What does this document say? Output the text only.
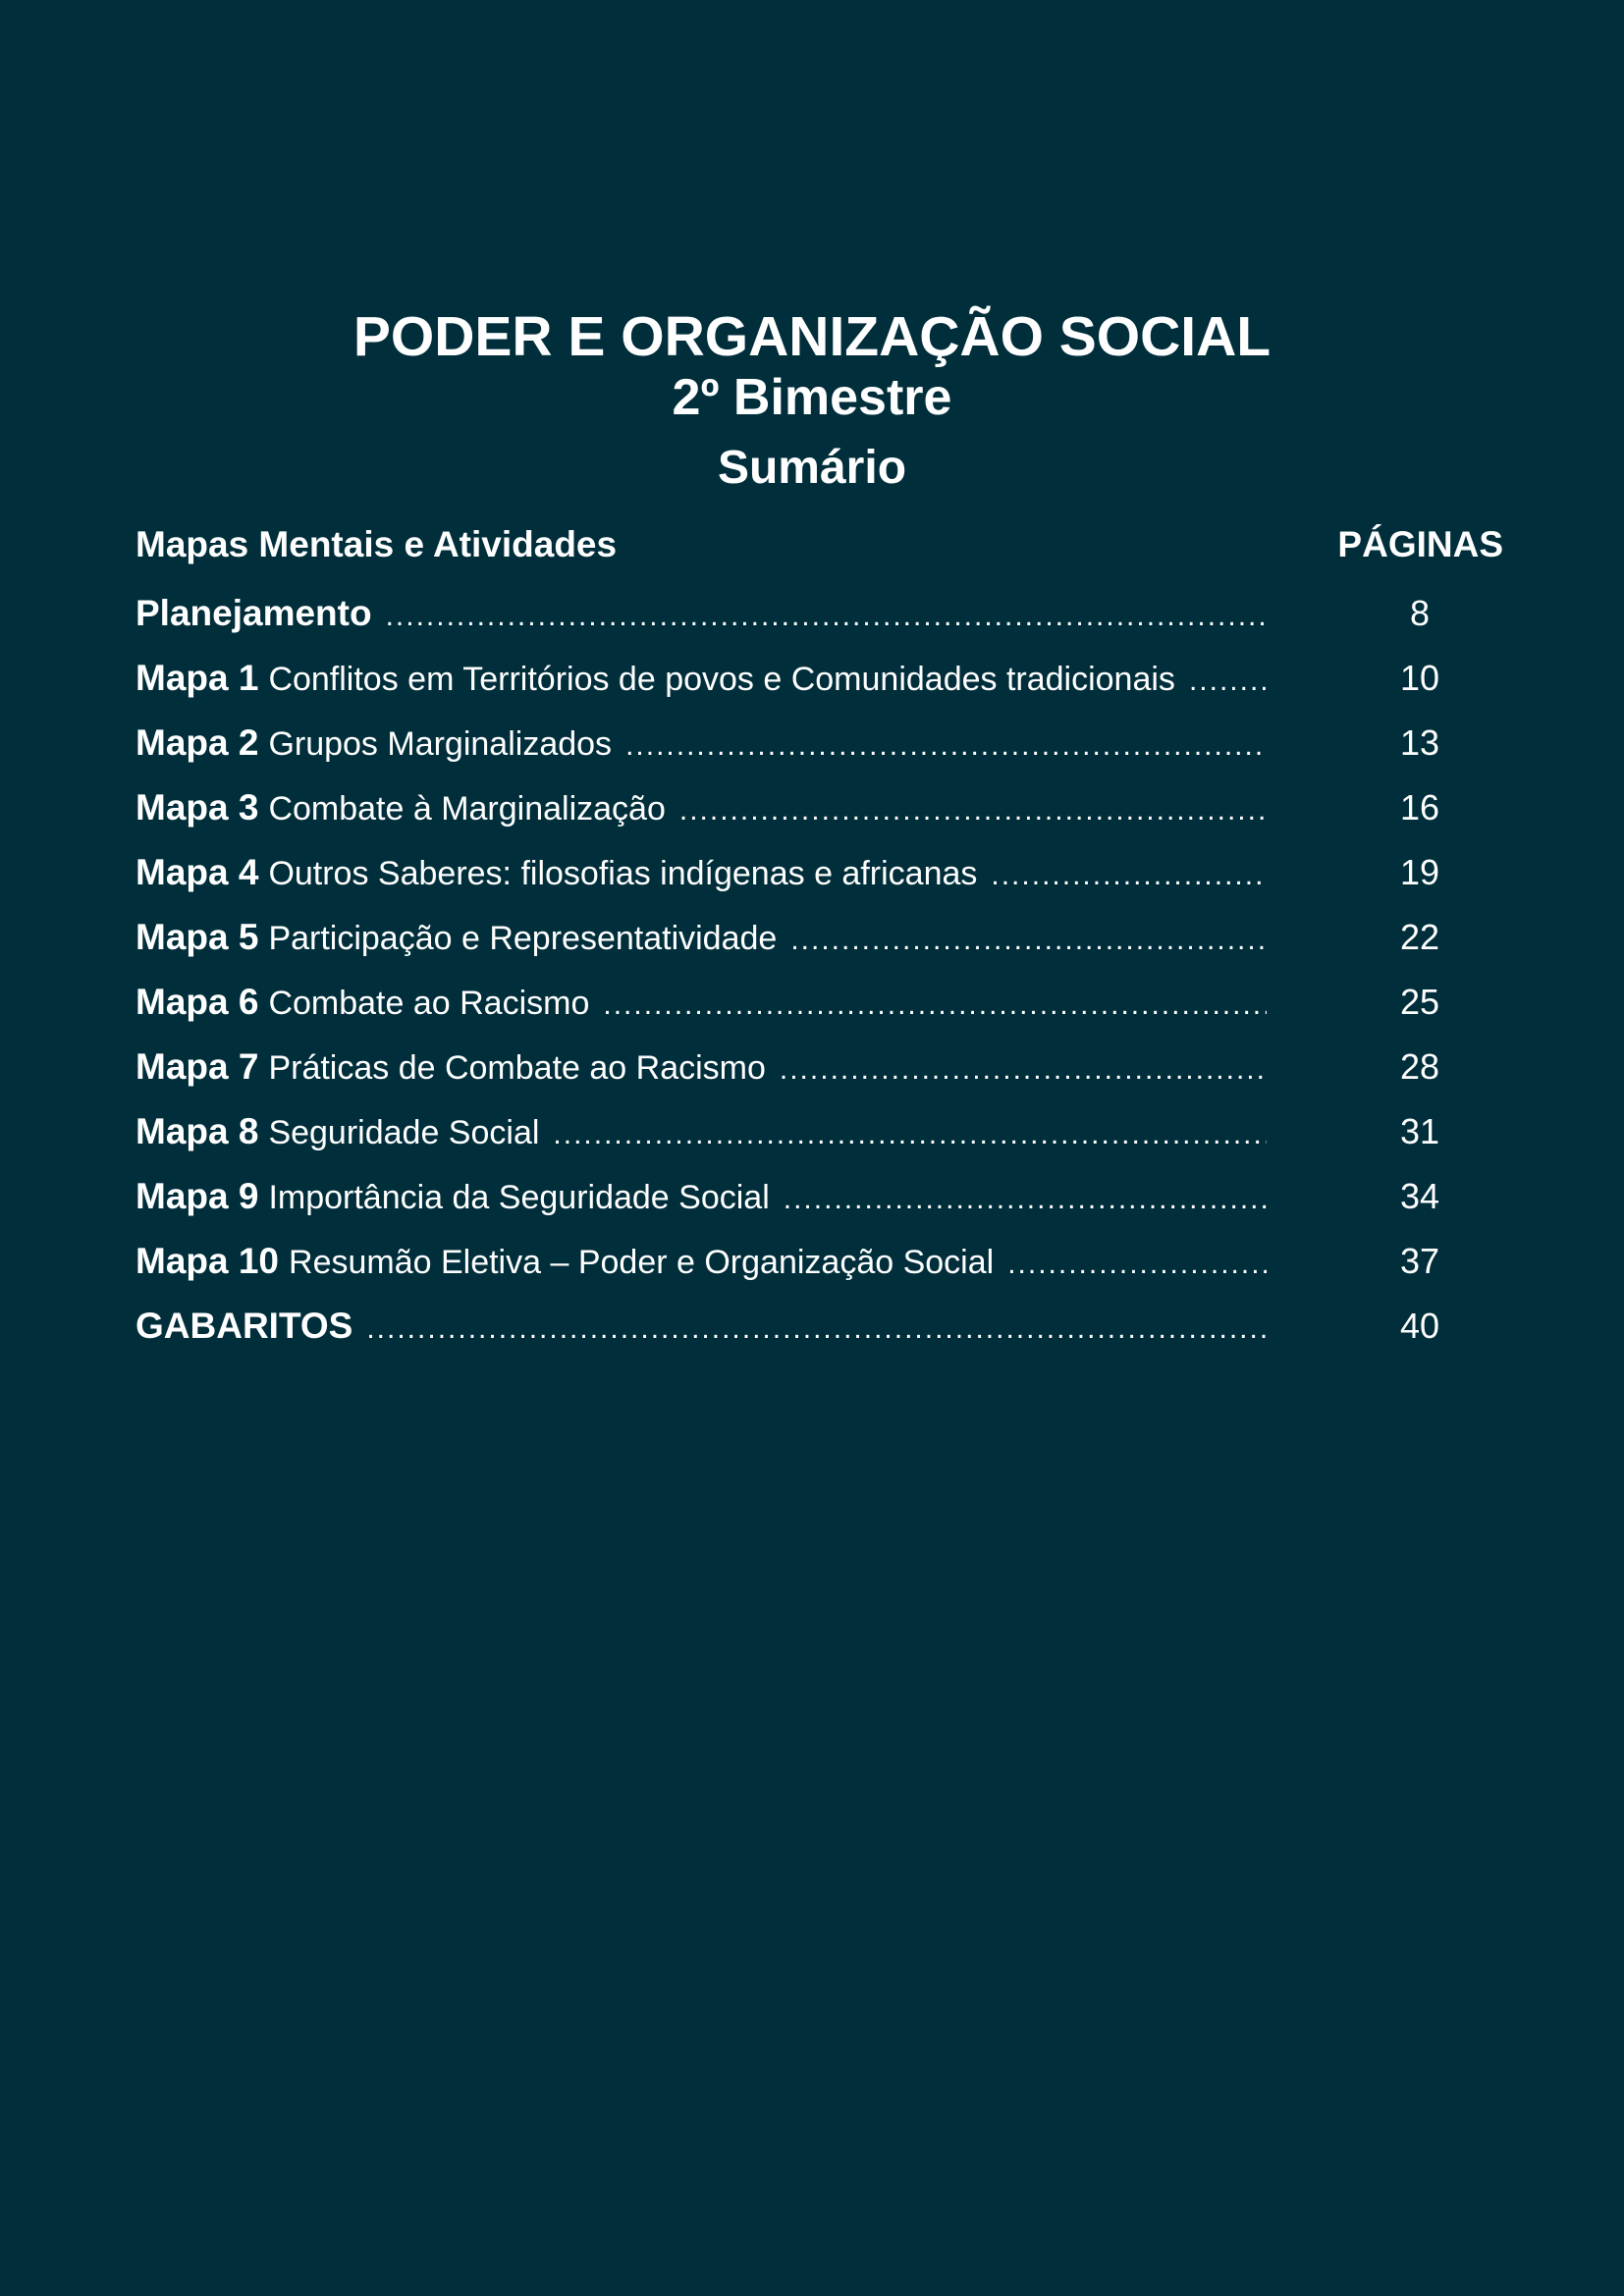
PODER E ORGANIZAÇÃO SOCIAL
2º Bimestre
Sumário
Mapas Mentais e Atividades	PÁGINAS
Planejamento .....	8
Mapa 1 Conflitos em Territórios de povos e Comunidades tradicionais .....	10
Mapa 2 Grupos Marginalizados .....	13
Mapa 3 Combate à Marginalização .....	16
Mapa 4 Outros Saberes: filosofias indígenas e africanas .....	19
Mapa 5 Participação e Representatividade .....	22
Mapa 6 Combate ao Racismo .....	25
Mapa 7 Práticas de Combate ao Racismo .....	28
Mapa 8 Seguridade Social .....	31
Mapa 9 Importância da Seguridade Social .....	34
Mapa 10 Resumão Eletiva – Poder e Organização Social .....	37
GABARITOS .....	40
